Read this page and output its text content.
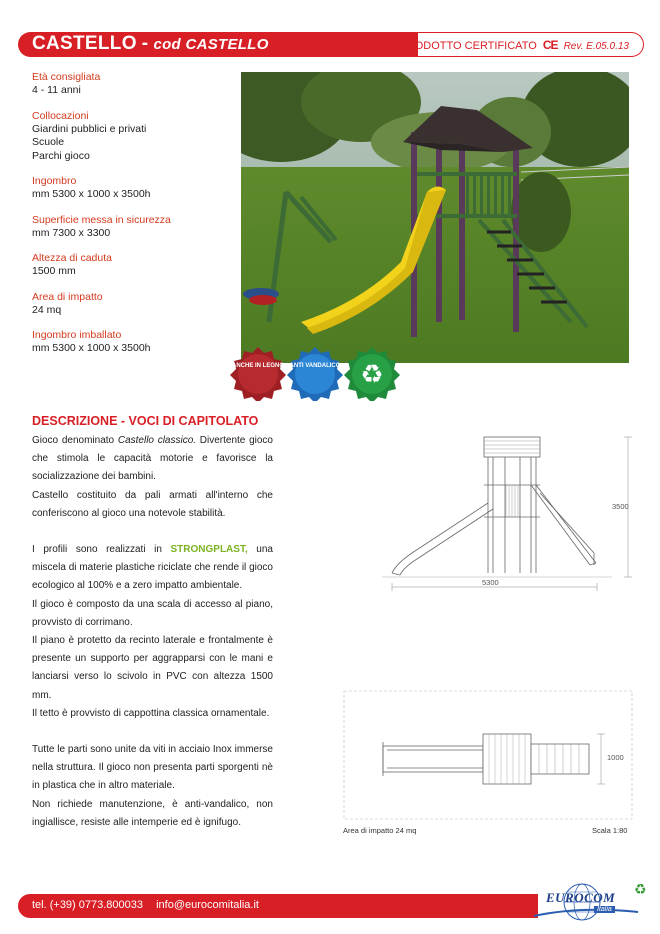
CASTELLO - cod CASTELLO	PRODOTTO CERTIFICATO CE Rev. E.05.0.13
Età consigliata
4 - 11 anni
Collocazioni
Giardini pubblici e privati
Scuole
Parchi gioco
Ingombro
mm 5300 x 1000 x 3500h
Superficie messa in sicurezza
mm 7300 x 3300
Altezza di caduta
1500 mm
Area di impatto
24 mq
Ingombro imballato
mm 5300 x 1000 x 3500h
ANCHE IN LEGNO ANTI VANDALICO ♻
DESCRIZIONE - VOCI DI CAPITOLATO

Gioco denominato Castello classico. Divertente gioco che stimola le capacità motorie e favorisce la socializzazione dei bambini.

Castello costituito da pali armati all'interno che conferiscono al gioco una notevole stabilità.

I profili sono realizzati in STRONGPLAST, una miscela di materie plastiche riciclate che rende il gioco ecologico al 100% e a zero impatto ambientale.

Il gioco è composto da una scala di accesso al piano, provvisto di corrimano.

Il piano è protetto da recinto laterale e frontalmente è presente un supporto per aggrapparsi con le mani e lanciarsi verso lo scivolo in PVC con altezza 1500 mm.

Il tetto è provvisto di cappottina classica ornamentale.

Tutte le parti sono unite da viti in acciaio Inox immerse nella struttura. Il gioco non presenta parti sporgenti nè in plastica che in altro materiale.

Non richiede manutenzione, è anti-vandalico, non ingiallisce, resiste alle intemperie ed è ignifugo.

3500
5300
1000
Area di impatto 24 mq	Scala 1:80
tel. (+39) 0773.800033 info@eurocomitalia.it
♻
EUROCOM
Italia
